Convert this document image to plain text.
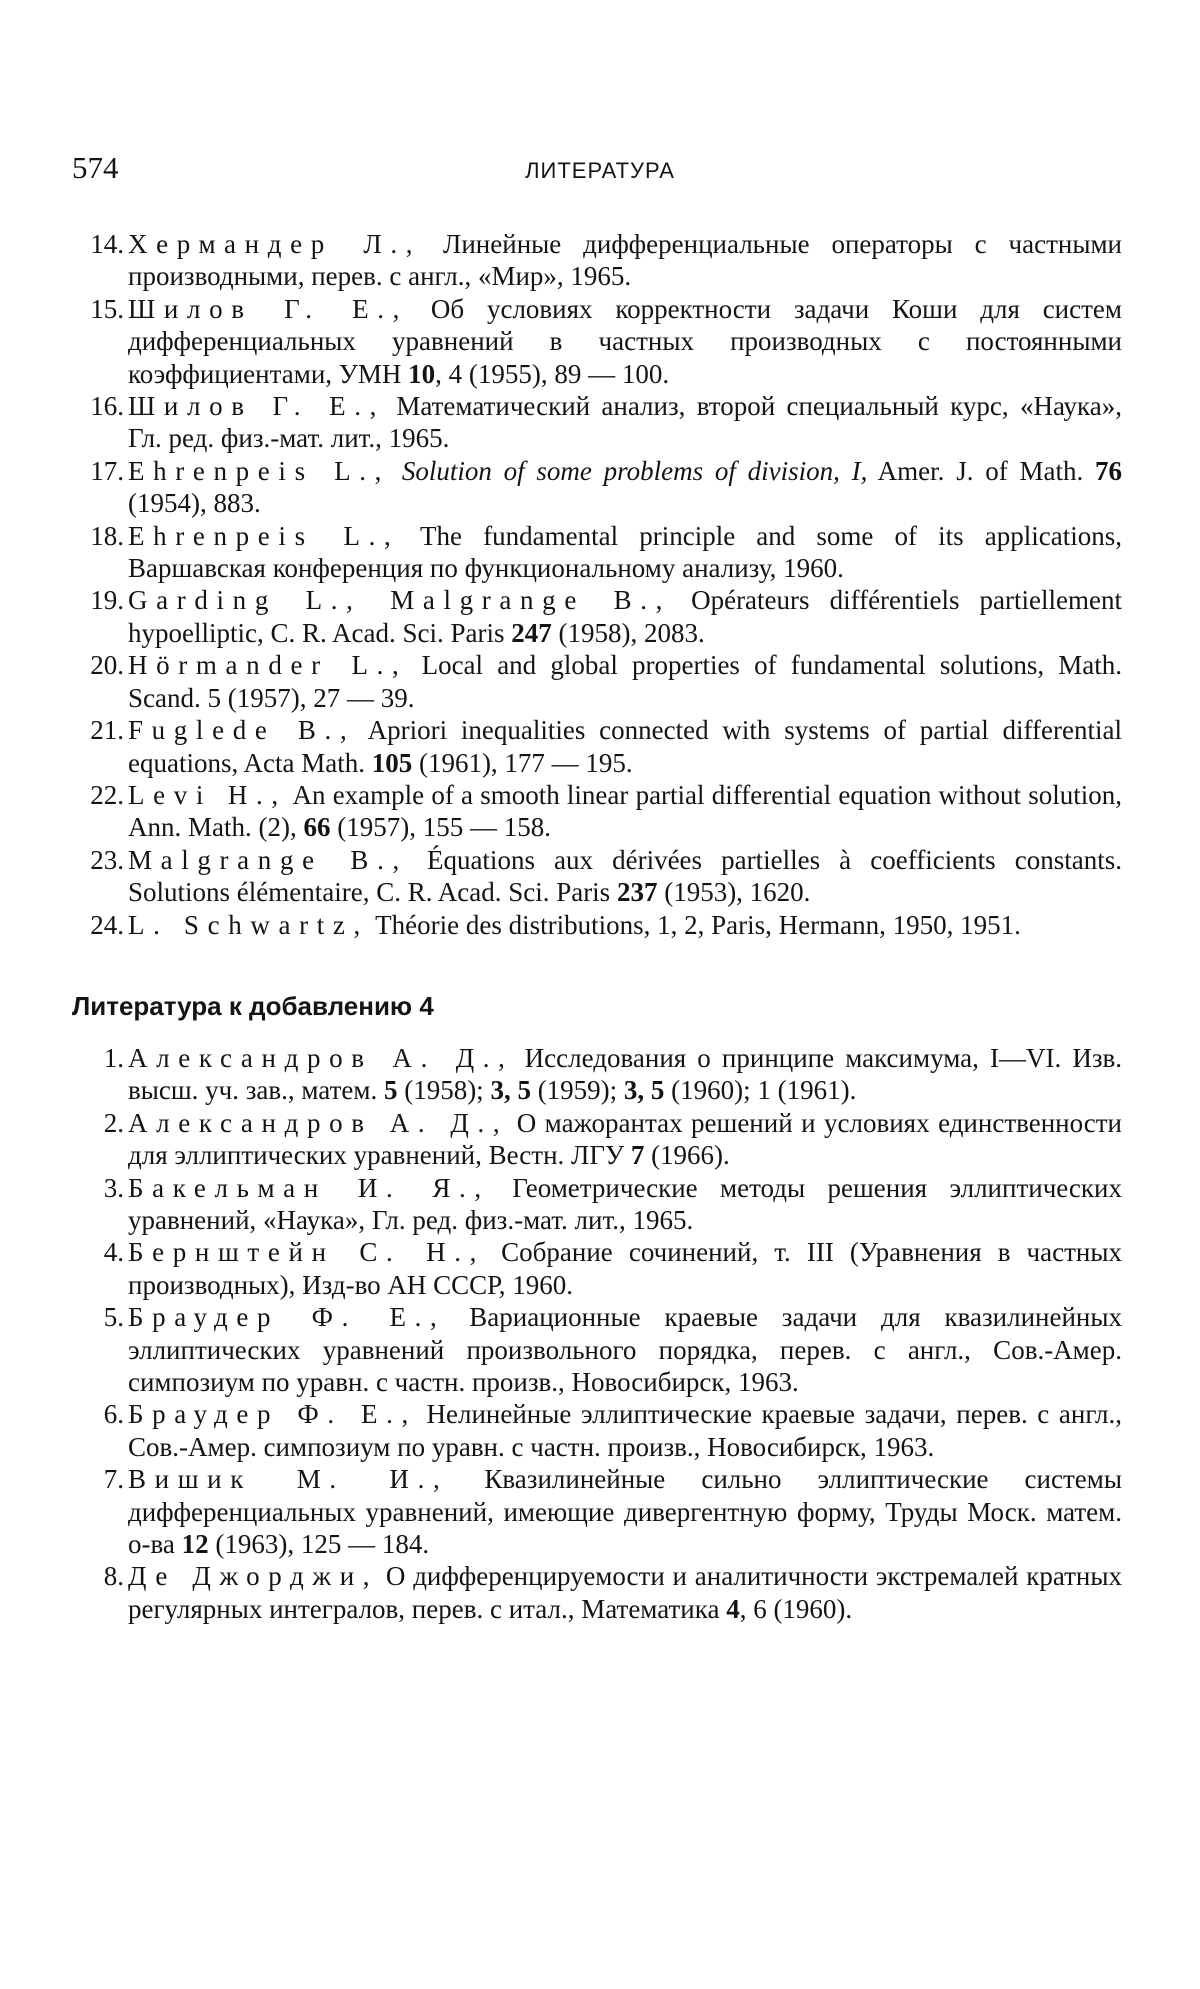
574	ЛИТЕРАТУРА
14 . Хермандер Л., Линейные дифференциальные операторы с частными производными, перев. с англ., «Мир», 1965.
15 . Шилов Г. Е., Об условиях корректности задачи Коши для систем дифференциальных уравнений в частных производных с постоянными коэффициентами, УМН 10, 4 (1955), 89 — 100.
16 . Шилов Г. Е., Математический анализ, второй специальный курс, «Наука», Гл. ред. физ.-мат. лит., 1965.
17 . Ehrenpeis L., Solution of some problems of division, I, Amer. J. of Math. 76 (1954), 883.
18 . Ehrenpeis L., The fundamental principle and some of its applications, Варшавская конференция по функциональному анализу, 1960.
19 . Garding L., Malgrange B., Opérateurs différentiels partiellement hypoelliptic, C. R. Acad. Sci. Paris 247 (1958), 2083.
20 . Hörmander L., Local and global properties of fundamental solutions, Math. Scand. 5 (1957), 27 — 39.
21 . Fuglede B., Apriori inequalities connected with systems of partial differential equations, Acta Math. 105 (1961), 177 — 195.
22 . Levi H., An example of a smooth linear partial differential equation without solution, Ann. Math. (2), 66 (1957), 155 — 158.
23 . Malgrange B., Équations aux dérivées partielles à coefficients constants. Solutions élémentaire, C. R. Acad. Sci. Paris 237 (1953), 1620.
24 . L. Schwartz, Théorie des distributions, 1, 2, Paris, Hermann, 1950, 1951.
Литература к добавлению 4
1 . Александров А. Д., Исследования о принципе максимума, I—VI. Изв. высш. уч. зав., матем. 5 (1958); 3, 5 (1959); 3, 5 (1960); 1 (1961).
2 . Александров А. Д., О мажорантах решений и условиях единственности для эллиптических уравнений, Вестн. ЛГУ 7 (1966).
3 . Бакельман И. Я., Геометрические методы решения эллиптических уравнений, «Наука», Гл. ред. физ.-мат. лит., 1965.
4 . Бернштейн С. Н., Собрание сочинений, т. III (Уравнения в частных производных), Изд-во АН СССР, 1960.
5 . Браудер Ф. Е., Вариационные краевые задачи для квазилинейных эллиптических уравнений произвольного порядка, перев. с англ., Сов.-Амер. симпозиум по уравн. с частн. произв., Новосибирск, 1963.
6 . Браудер Ф. Е., Нелинейные эллиптические краевые задачи, перев. с англ., Сов.-Амер. симпозиум по уравн. с частн. произв., Новосибирск, 1963.
7 . Вишик М. И., Квазилинейные сильно эллиптические системы дифференциальных уравнений, имеющие дивергентную форму, Труды Моск. матем. о-ва 12 (1963), 125 — 184.
8 . Де Джорджи, О дифференцируемости и аналитичности экстремалей кратных регулярных интегралов, перев. с итал., Математика 4, 6 (1960).
